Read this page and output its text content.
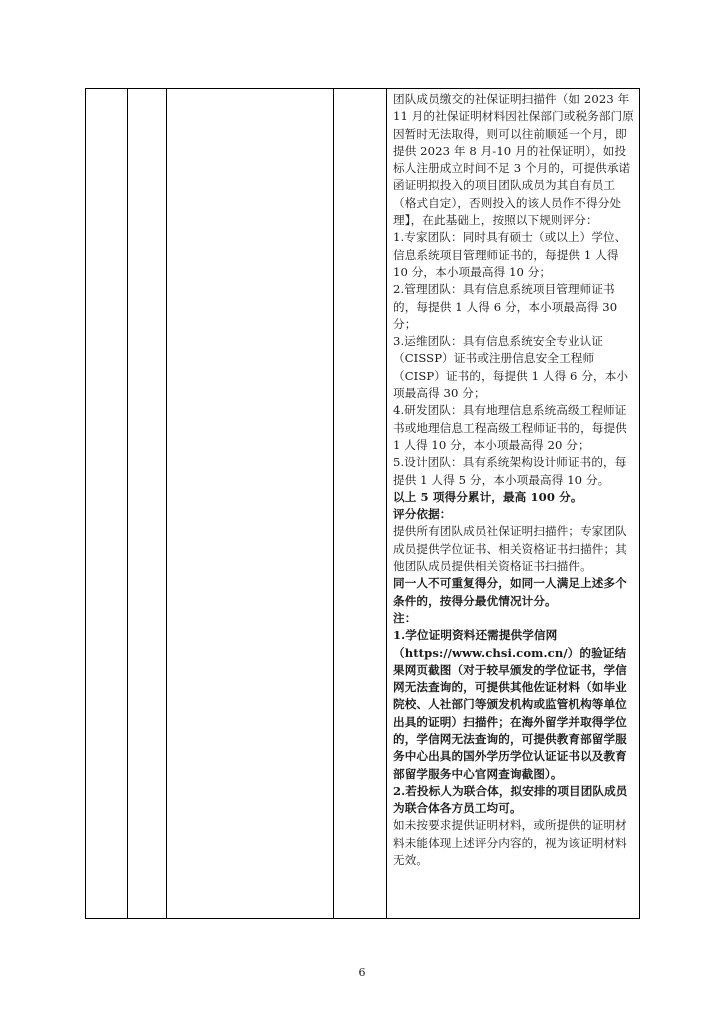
团队成员缴交的社保证明扫描件（如 2023 年 11 月的社保证明材料因社保部门或税务部门原因暂时无法取得，则可以往前顺延一个月，即提供 2023 年 8 月-10 月的社保证明），如投标人注册成立时间不足 3 个月的，可提供承诺函证明拟投入的项目团队成员为其自有员工（格式自定），否则投入的该人员作不得分处理】，在此基础上，按照以下规则评分：

1.专家团队：同时具有硕士（或以上）学位、信息系统项目管理师证书的，每提供 1 人得 10 分，本小项最高得 10 分；

2.管理团队：具有信息系统项目管理师证书的，每提供 1 人得 6 分，本小项最高得 30 分；

3.运维团队：具有信息系统安全专业认证（CISSP）证书或注册信息安全工程师（CISP）证书的，每提供 1 人得 6 分，本小项最高得 30 分；

4.研发团队：具有地理信息系统高级工程师证书或地理信息工程高级工程师证书的，每提供 1 人得 10 分，本小项最高得 20 分；

5.设计团队：具有系统架构设计师证书的，每提供 1 人得 5 分，本小项最高得 10 分。

以上 5 项得分累计，最高 100 分。

评分依据：

提供所有团队成员社保证明扫描件；专家团队成员提供学位证书、相关资格证书扫描件；其他团队成员提供相关资格证书扫描件。

同一人不可重复得分，如同一人满足上述多个条件的，按得分最优情况计分。

注：

1.学位证明资料还需提供学信网（https://www.chsi.com.cn/）的验证结果网页截图（对于较早颁发的学位证书，学信网无法查询的，可提供其他佐证材料（如毕业院校、人社部门等颁发机构或监管机构等单位出具的证明）扫描件；在海外留学并取得学位的，学信网无法查询的，可提供教育部留学服务中心出具的国外学历学位认证证书以及教育部留学服务中心官网查询截图）。

2.若投标人为联合体，拟安排的项目团队成员为联合体各方员工均可。

如未按要求提供证明材料，或所提供的证明材料未能体现上述评分内容的，视为该证明材料无效。

6
